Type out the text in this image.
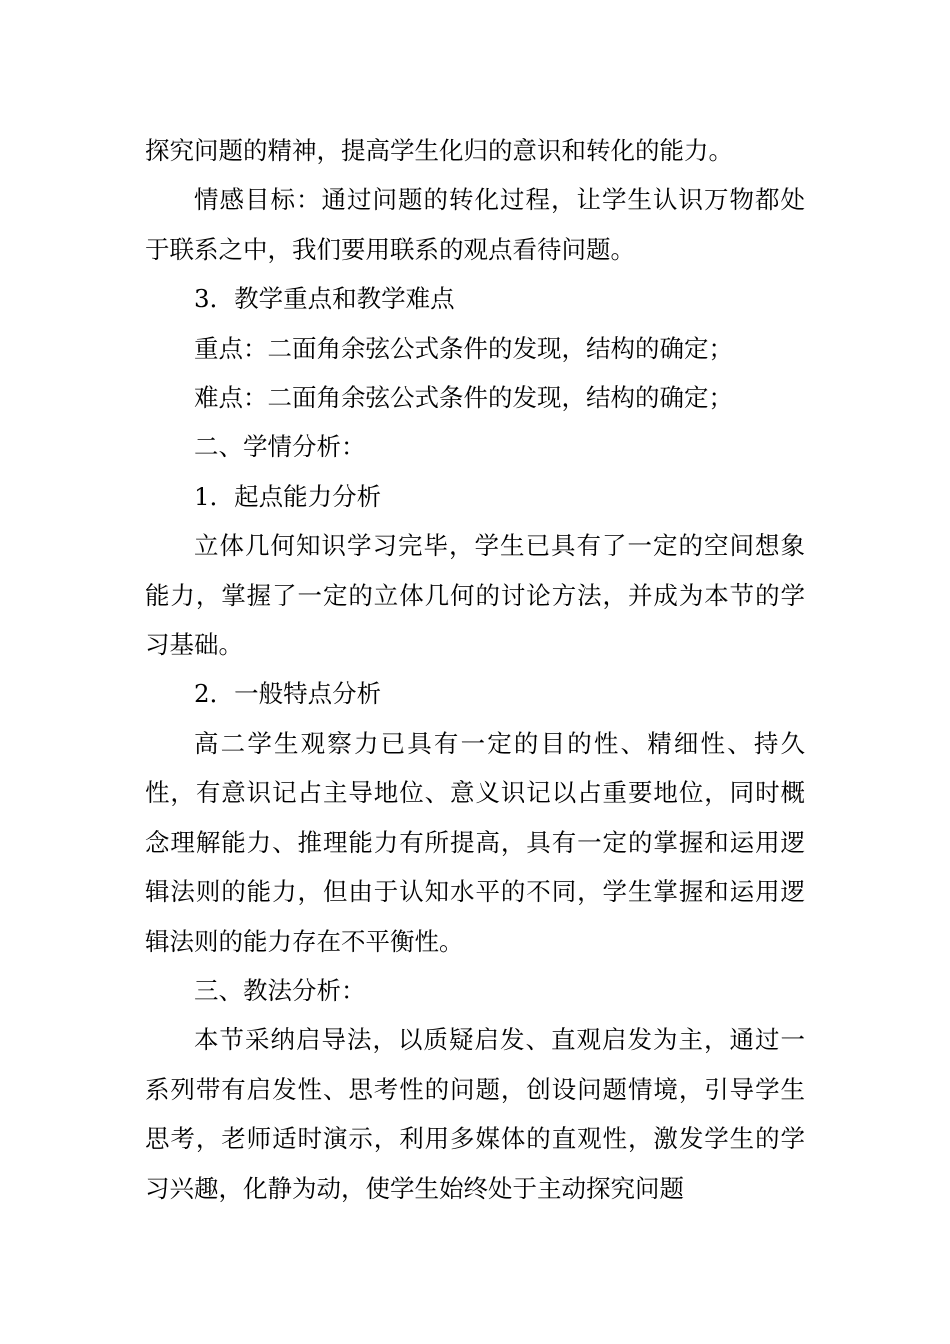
探究问题的精神，提高学生化归的意识和转化的能力。

情感目标：通过问题的转化过程，让学生认识万物都处于联系之中，我们要用联系的观点看待问题。

3．教学重点和教学难点

重点：二面角余弦公式条件的发现，结构的确定；

难点：二面角余弦公式条件的发现，结构的确定；

二、学情分析：

1．起点能力分析

立体几何知识学习完毕，学生已具有了一定的空间想象能力，掌握了一定的立体几何的讨论方法，并成为本节的学习基础。

2．一般特点分析

高二学生观察力已具有一定的目的性、精细性、持久性，有意识记占主导地位、意义识记以占重要地位，同时概念理解能力、推理能力有所提高，具有一定的掌握和运用逻辑法则的能力，但由于认知水平的不同，学生掌握和运用逻辑法则的能力存在不平衡性。

三、教法分析：

本节采纳启导法，以质疑启发、直观启发为主，通过一系列带有启发性、思考性的问题，创设问题情境，引导学生思考，老师适时演示，利用多媒体的直观性，激发学生的学习兴趣，化静为动，使学生始终处于主动探究问题
